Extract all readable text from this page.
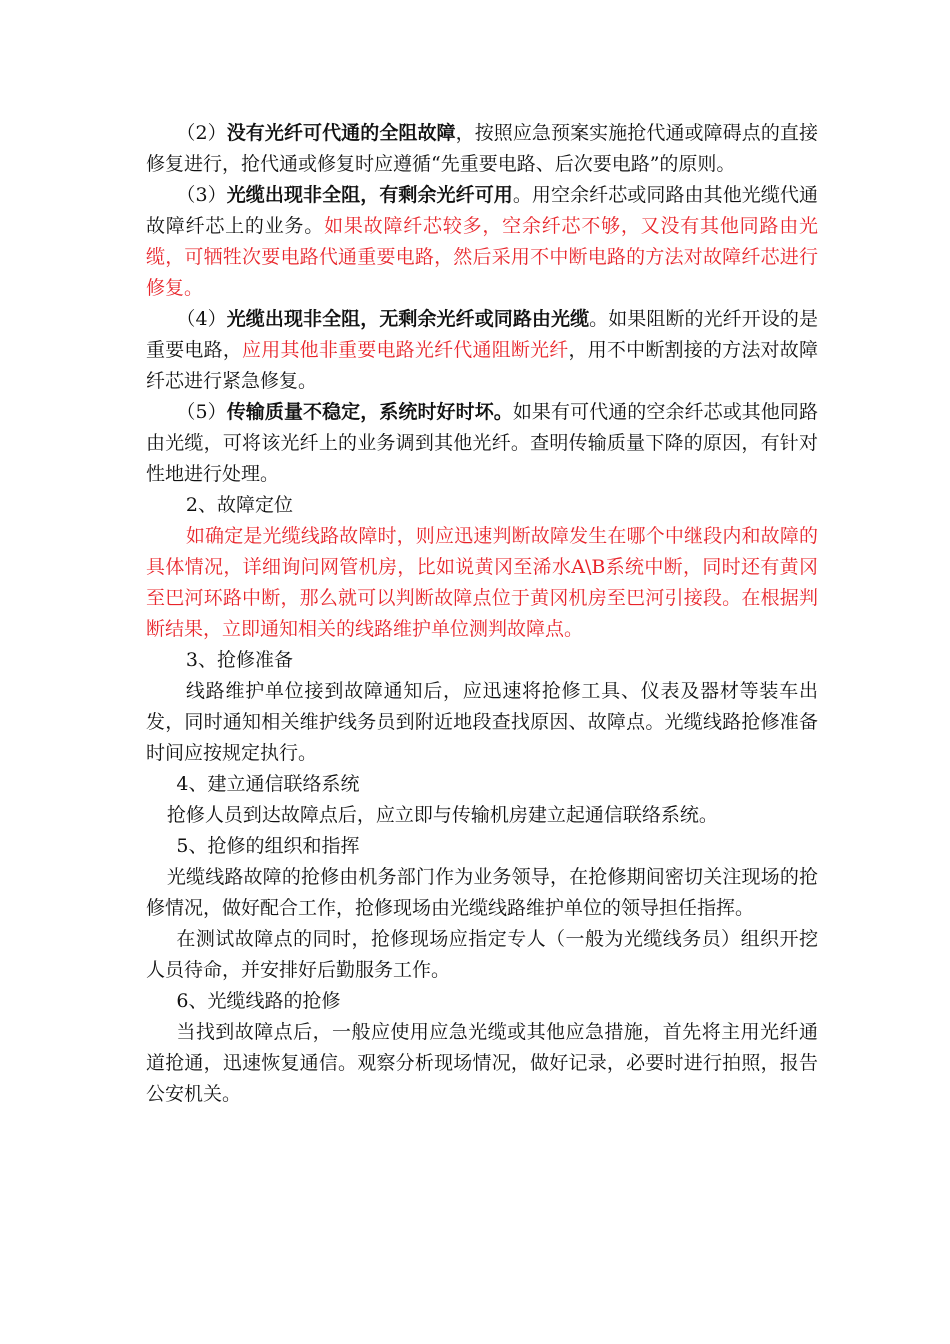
（2）没有光纤可代通的全阻故障，按照应急预案实施抢代通或障碍点的直接修复进行，抢代通或修复时应遵循“先重要电路、后次要电路”的原则。

（3）光缆出现非全阻，有剩余光纤可用。用空余纤芯或同路由其他光缆代通故障纤芯上的业务。如果故障纤芯较多，空余纤芯不够，又没有其他同路由光缆，可牺牲次要电路代通重要电路，然后采用不中断电路的方法对故障纤芯进行修复。

（4）光缆出现非全阻，无剩余光纤或同路由光缆。如果阻断的光纤开设的是重要电路，应用其他非重要电路光纤代通阻断光纤，用不中断割接的方法对故障纤芯进行紧急修复。

（5）传输质量不稳定，系统时好时坏。如果有可代通的空余纤芯或其他同路由光缆，可将该光纤上的业务调到其他光纤。查明传输质量下降的原因，有针对性地进行处理。

2、故障定位

如确定是光缆线路故障时，则应迅速判断故障发生在哪个中继段内和故障的具体情况，详细询问网管机房，比如说黄冈至浠水A\B系统中断，同时还有黄冈至巴河环路中断，那么就可以判断故障点位于黄冈机房至巴河引接段。在根据判断结果，立即通知相关的线路维护单位测判故障点。

3、抢修准备

线路维护单位接到故障通知后，应迅速将抢修工具、仪表及器材等装车出发，同时通知相关维护线务员到附近地段查找原因、故障点。光缆线路抢修准备时间应按规定执行。

4、建立通信联络系统

抢修人员到达故障点后，应立即与传输机房建立起通信联络系统。

5、抢修的组织和指挥

光缆线路故障的抢修由机务部门作为业务领导，在抢修期间密切关注现场的抢修情况，做好配合工作，抢修现场由光缆线路维护单位的领导担任指挥。

在测试故障点的同时，抢修现场应指定专人（一般为光缆线务员）组织开挖人员待命，并安排好后勤服务工作。

6、光缆线路的抢修

当找到故障点后，一般应使用应急光缆或其他应急措施，首先将主用光纤通道抢通，迅速恢复通信。观察分析现场情况，做好记录，必要时进行拍照，报告公安机关。
